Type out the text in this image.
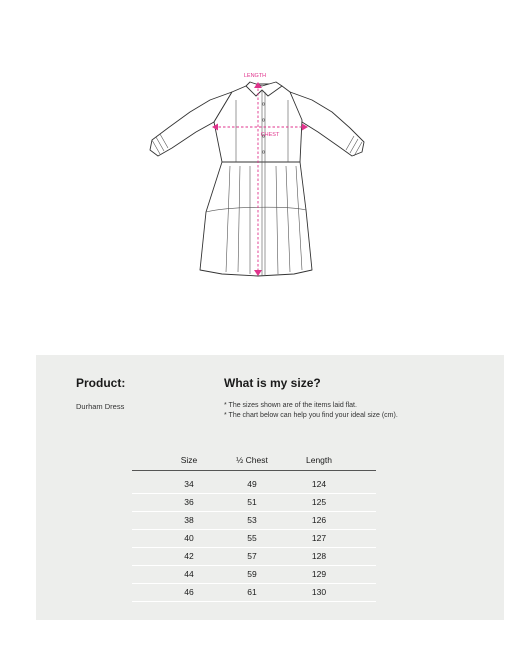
LENGTH
CHEST
Product:
Durham Dress
What is my size?
* The sizes shown are of the items laid flat.
* The chart below can help you find your ideal size (cm).
Size	½ Chest	Length
34	49	124
36	51	125
38	53	126
40	55	127
42	57	128
44	59	129
46	61	130
